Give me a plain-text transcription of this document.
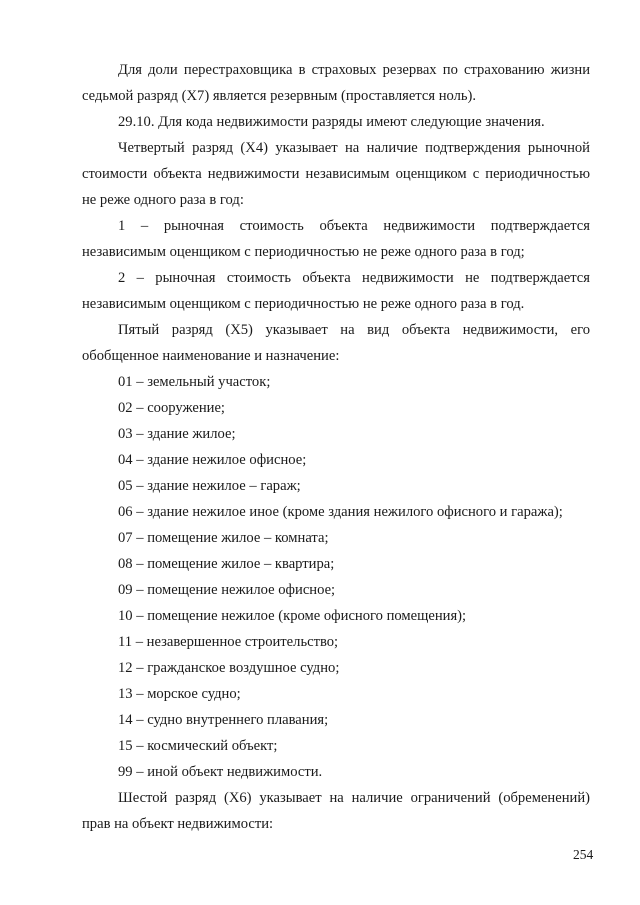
Для доли перестраховщика в страховых резервах по страхованию жизни
седьмой разряд (Х7) является резервным (проставляется ноль).
29.10. Для кода недвижимости разряды имеют следующие значения.
Четвертый разряд (Х4) указывает на наличие подтверждения рыночной
стоимости объекта недвижимости независимым оценщиком с периодичностью
не реже одного раза в год:
1 – рыночная стоимость объекта недвижимости подтверждается
независимым оценщиком с периодичностью не реже одного раза в год;
2 – рыночная стоимость объекта недвижимости не подтверждается
независимым оценщиком с периодичностью не реже одного раза в год.
Пятый разряд (Х5) указывает на вид объекта недвижимости, его
обобщенное наименование и назначение:
01 – земельный участок;
02 – сооружение;
03 – здание жилое;
04 – здание нежилое офисное;
05 – здание нежилое – гараж;
06 – здание нежилое иное (кроме здания нежилого офисного и гаража);
07 – помещение жилое – комната;
08 – помещение жилое – квартира;
09 – помещение нежилое офисное;
10 – помещение нежилое (кроме офисного помещения);
11 – незавершенное строительство;
12 – гражданское воздушное судно;
13 – морское судно;
14 – судно внутреннего плавания;
15 – космический объект;
99 – иной объект недвижимости.
Шестой разряд (Х6) указывает на наличие ограничений (обременений)
прав на объект недвижимости:
254
